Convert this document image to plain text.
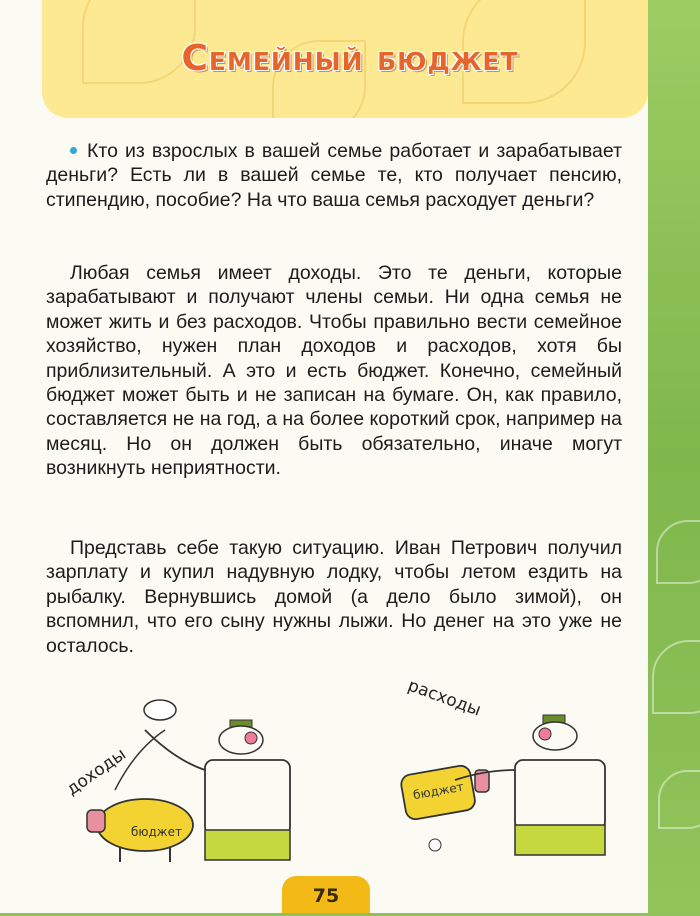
Семейный бюджет

Кто из взрослых в вашей семье работает и зарабатывает деньги? Есть ли в вашей семье те, кто получает пенсию, стипендию, пособие? На что ваша семья расходует деньги?

Любая семья имеет доходы. Это те деньги, которые зарабатывают и получают члены семьи. Ни одна семья не может жить и без расходов. Чтобы правильно вести семейное хозяйство, нужен план доходов и расходов, хотя бы приблизительный. А это и есть бюджет. Конечно, семейный бюджет может быть и не записан на бумаге. Он, как правило, составляется не на год, а на более короткий срок, например на месяц. Но он должен быть обязательно, иначе могут возникнуть неприятности.

Представь себе такую ситуацию. Иван Петрович получил зарплату и купил надувную лодку, чтобы летом ездить на рыбалку. Вернувшись домой (а дело было зимой), он вспомнил, что его сыну нужны лыжи. Но денег на это уже не осталось.

доходы
бюджет
расходы
бюджет
75
